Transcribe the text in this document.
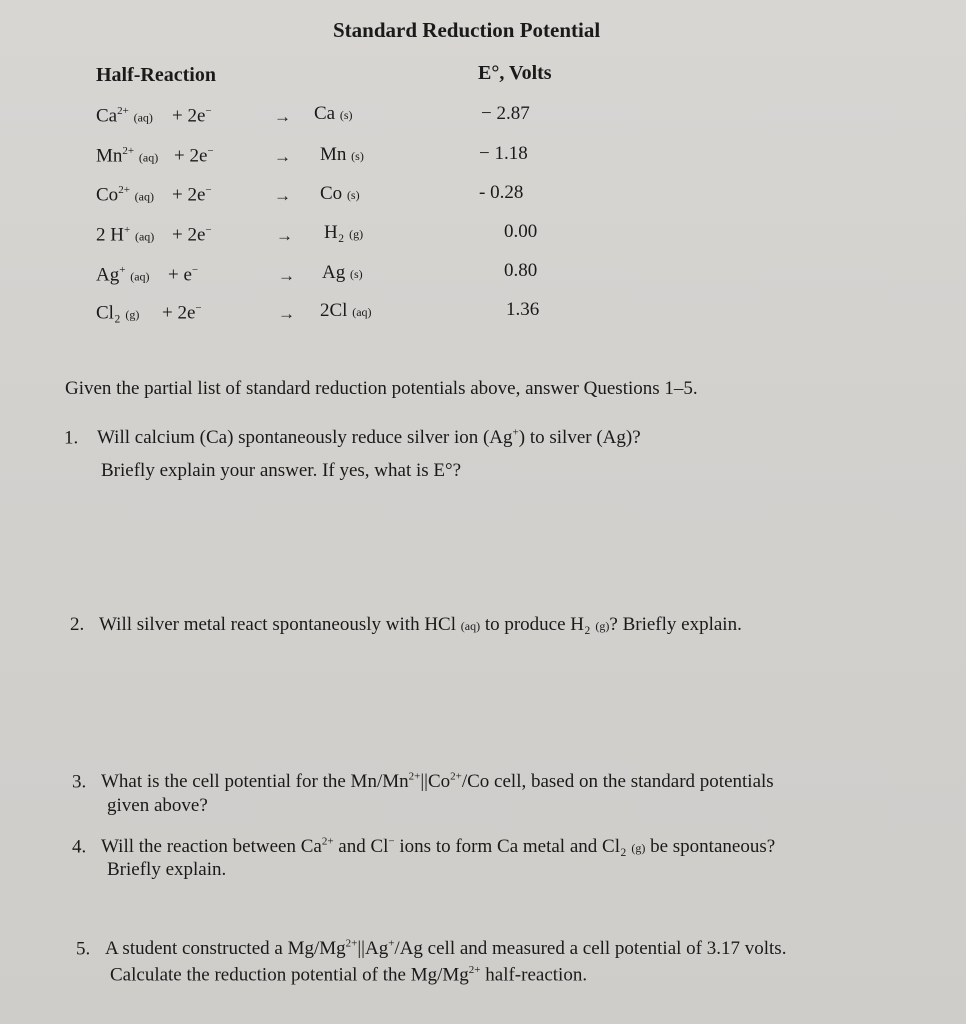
Standard Reduction Potential
Half-Reaction	E°, Volts
$Ca^{2+}$ (aq) + 2e−	→ Ca (s)	− 2.87
$Mn^{2+}$ (aq) + 2e−	→ Mn (s)	− 1.18
$Co^{2+}$ (aq) + 2e−	→ Co (s)	- 0.28
2 H+ (aq) + 2e−	→ H₂ (g)	0.00
Ag+ (aq) + e−	→ Ag (s)	0.80
Cl₂ (g) + 2e−	→ 2Cl (aq)	1.36
Given the partial list of standard reduction potentials above, answer Questions 1–5.
1. Will calcium (Ca) spontaneously reduce silver ion (Ag+) to silver (Ag)?
Briefly explain your answer. If yes, what is E°?
2. Will silver metal react spontaneously with HCl (aq) to produce H₂ (g)? Briefly explain.
3. What is the cell potential for the $Mn/Mn^{2+}||Co^{2+}/Co$ cell, based on the standard potentials
given above?
4. Will the reaction between $Ca^{2+}$ and Cl− ions to form Ca metal and Cl₂ (g) be spontaneous?
Briefly explain.
5. A student constructed a $Mg/Mg^{2+}||Ag^+/Ag$ cell and measured a cell potential of 3.17 volts.
Calculate the reduction potential of the $Mg/Mg^{2+}$ half-reaction.
